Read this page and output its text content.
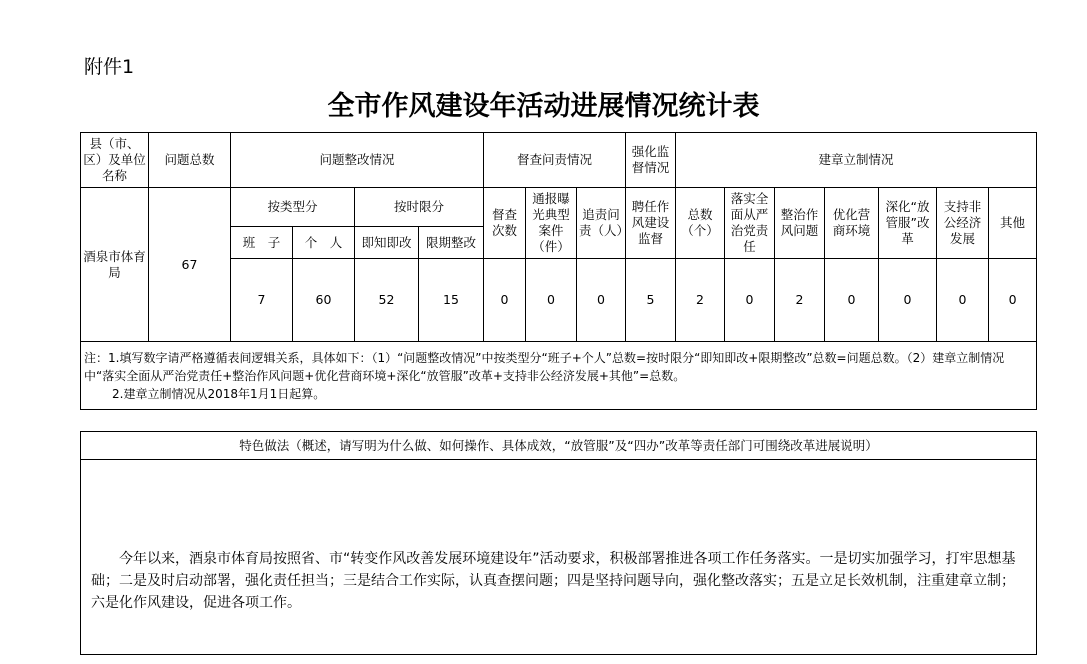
附件1
全市作风建设年活动进展情况统计表
县（市、区）及单位名称	问题总数	问题整改情况				督查问责情况			强化监督情况	建章立制情况						
酒泉市体育局	67	按类型分		按时限分		督查次数	通报曝光典型案件（件）	追责问责（人）	聘任作风建设监督	总数（个）	落实全面从严治党责任	整治作风问题	优化营商环境	深化“放管服”改革	支持非公经济发展	其他
		班　子	个　人	即知即改	限期整改											
		7	60	52	15	0	0	0	5	2	0	2	0	0	0	0

注：1.填写数字请严格遵循表间逻辑关系，具体如下：（1）“问题整改情况”中按类型分“班子+个人”总数=按时限分“即知即改+限期整改”总数=问题总数。（2）建章立制情况中“落实全面从严治党责任+整治作风问题+优化营商环境+深化“放管服”改革+支持非公经济发展+其他”=总数。
2.建章立制情况从2018年1月1日起算。																
特色做法（概述，请写明为什么做、如何操作、具体成效，“放管服”及“四办”改革等责任部门可围绕改革进展说明）
今年以来，酒泉市体育局按照省、市“转变作风改善发展环境建设年”活动要求，积极部署推进各项工作任务落实。一是切实加强学习，打牢思想基础；二是及时启动部署，强化责任担当；三是结合工作实际，认真查摆问题；四是坚持问题导向，强化整改落实；五是立足长效机制，注重建章立制；六是化作风建设，促进各项工作。
